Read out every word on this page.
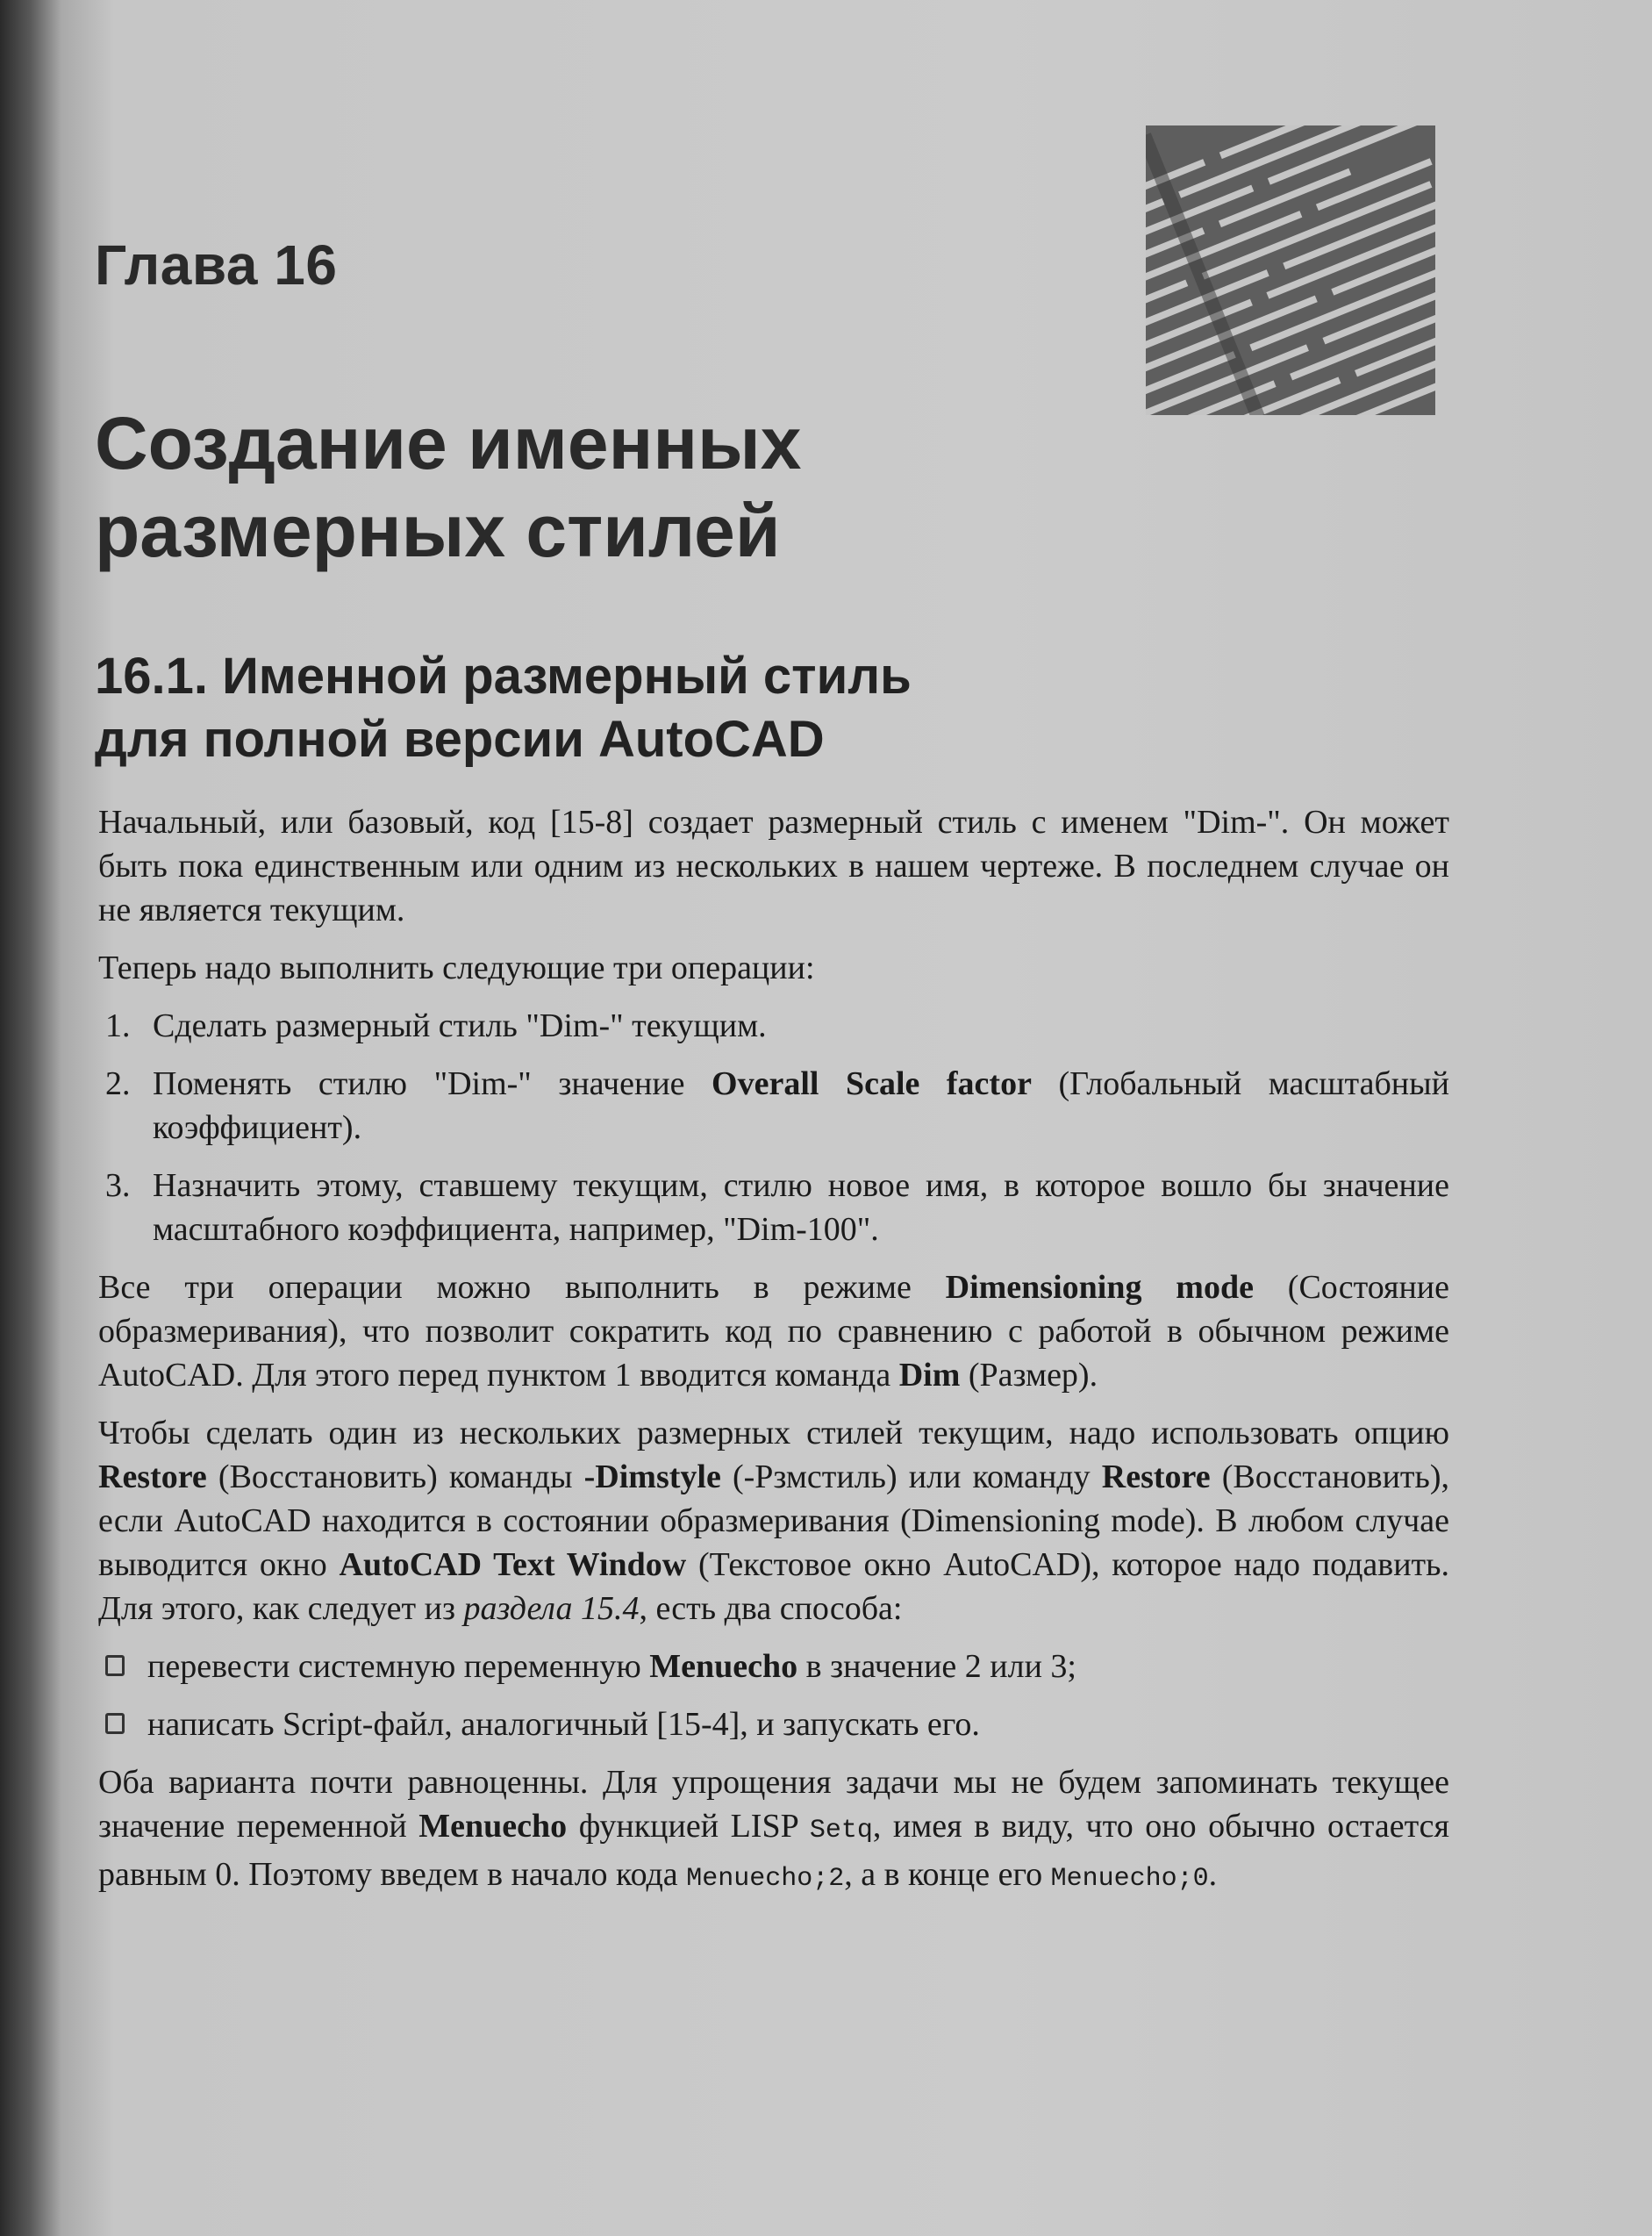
Глава 16
Создание именных
размерных стилей
16.1. Именной размерный стиль
для полной версии AutoCAD

Начальный, или базовый, код [15-8] создает размерный стиль с именем "Dim-". Он может быть пока единственным или одним из нескольких в нашем чертеже. В последнем случае он не является текущим.

Теперь надо выполнить следующие три операции:

1. Сделать размерный стиль "Dim-" текущим.
2. Поменять стилю "Dim-" значение Overall Scale factor (Глобальный масштабный коэффициент).
3. Назначить этому, ставшему текущим, стилю новое имя, в которое вошло бы значение масштабного коэффициента, например, "Dim-100".

Все три операции можно выполнить в режиме Dimensioning mode (Состояние образмеривания), что позволит сократить код по сравнению с работой в обычном режиме AutoCAD. Для этого перед пунктом 1 вводится команда Dim (Размер).

Чтобы сделать один из нескольких размерных стилей текущим, надо использовать опцию Restore (Восстановить) команды -Dimstyle (-Рзмстиль) или команду Restore (Восстановить), если AutoCAD находится в состоянии образмеривания (Dimensioning mode). В любом случае выводится окно AutoCAD Text Window (Текстовое окно AutoCAD), которое надо подавить. Для этого, как следует из раздела 15.4, есть два способа:

перевести системную переменную Menuecho в значение 2 или 3;
написать Script-файл, аналогичный [15-4], и запускать его.

Оба варианта почти равноценны. Для упрощения задачи мы не будем запоминать текущее значение переменной Menuecho функцией LISP Setq, имея в виду, что оно обычно остается равным 0. Поэтому введем в начало кода Menuecho;2, а в конце его Menuecho;0.
